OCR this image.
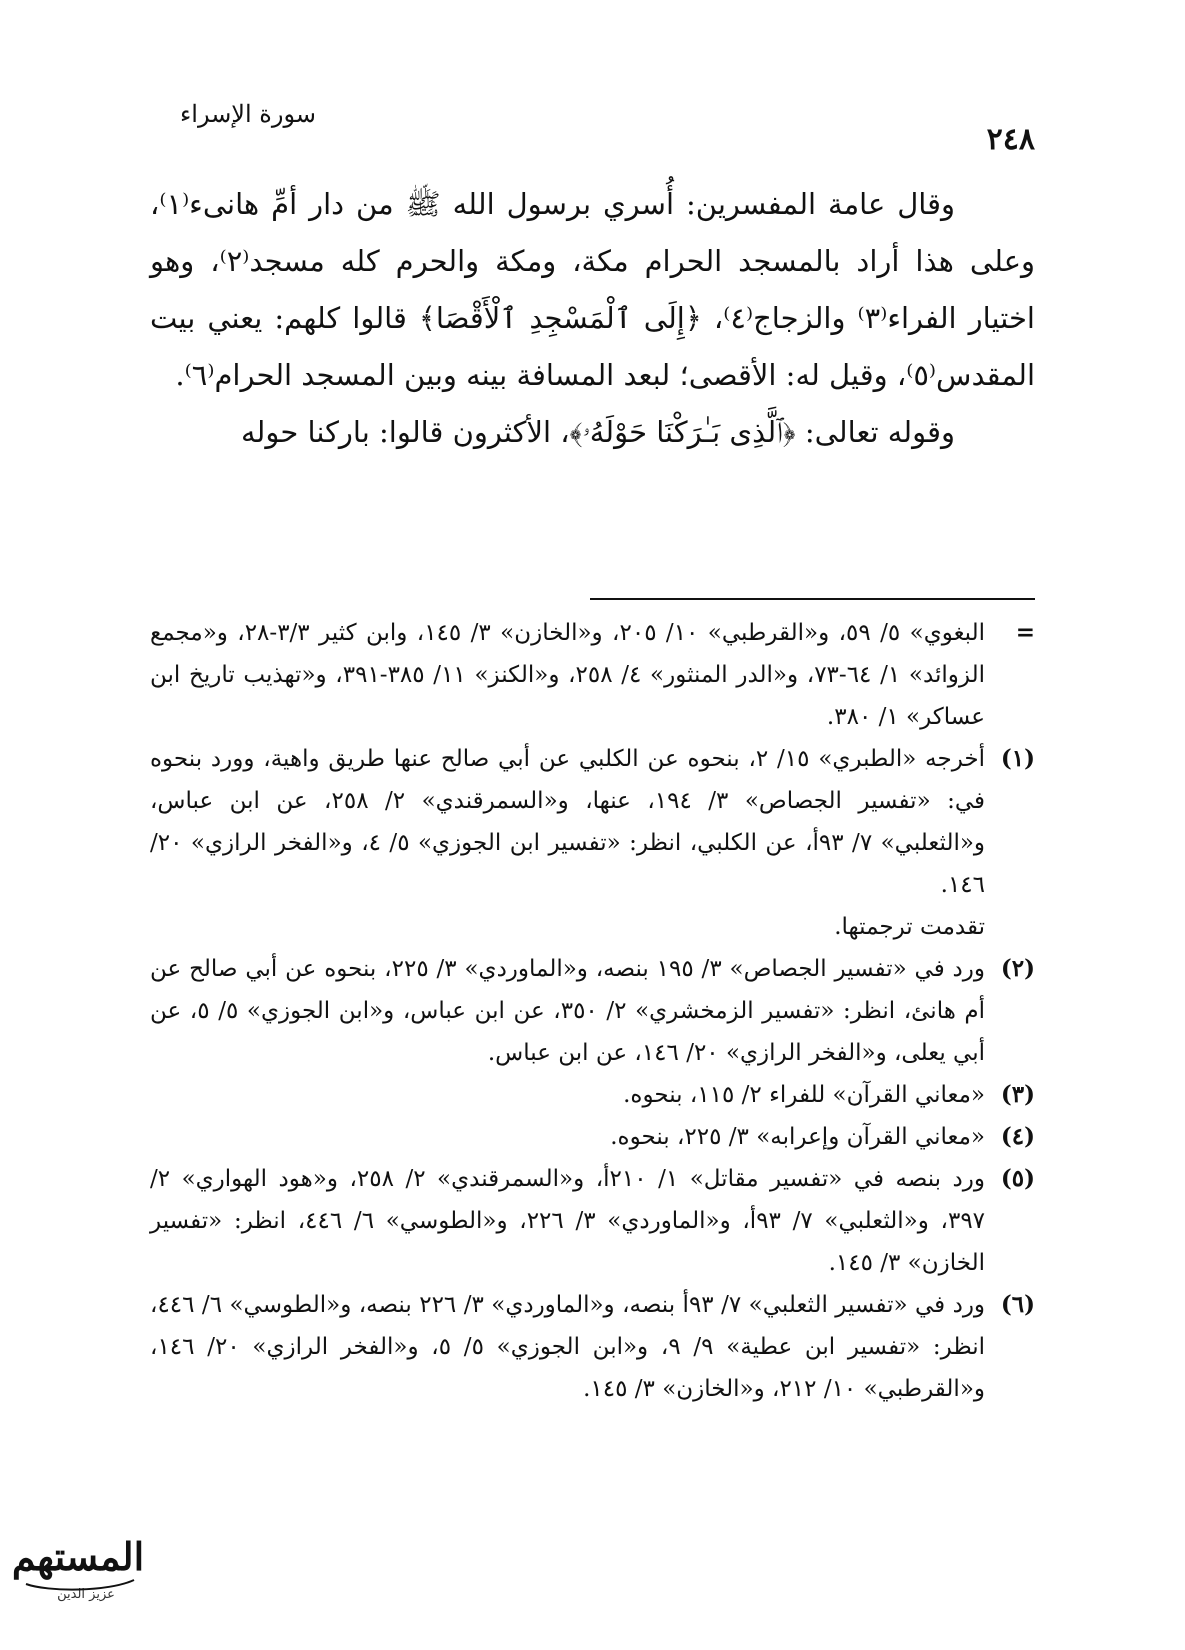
٢٤٨
سورة الإسراء

وقال عامة المفسرين: أُسري برسول الله ﷺ من دار أمِّ هانىء⁽١⁾، وعلى هذا أراد بالمسجد الحرام مكة، ومكة والحرم كله مسجد⁽٢⁾، وهو اختيار الفراء⁽٣⁾ والزجاج⁽٤⁾، ﴿إِلَى ٱلْمَسْجِدِ ٱلْأَقْصَا﴾ قالوا كلهم: يعني بيت المقدس⁽٥⁾، وقيل له: الأقصى؛ لبعد المسافة بينه وبين المسجد الحرام⁽٦⁾.

وقوله تعالى: ﴿ٱلَّذِى بَـٰرَكْنَا حَوْلَهُۥ﴾، الأكثرون قالوا: باركنا حوله

=
البغوي» ٥/ ٥٩، و«القرطبي» ١٠/ ٢٠٥، و«الخازن» ٣/ ١٤٥، وابن كثير ٣/٣-٢٨، و«مجمع الزوائد» ١/ ٦٤-٧٣، و«الدر المنثور» ٤/ ٢٥٨، و«الكنز» ١١/ ٣٨٥-٣٩١، و«تهذيب تاريخ ابن عساكر» ١/ ٣٨٠.
(١)
أخرجه «الطبري» ١٥/ ٢، بنحوه عن الكلبي عن أبي صالح عنها طريق واهية، وورد بنحوه في: «تفسير الجصاص» ٣/ ١٩٤، عنها، و«السمرقندي» ٢/ ٢٥٨، عن ابن عباس، و«الثعلبي» ٧/ ٩٣أ، عن الكلبي، انظر: «تفسير ابن الجوزي» ٥/ ٤، و«الفخر الرازي» ٢٠/ ١٤٦.
تقدمت ترجمتها.
(٢)
ورد في «تفسير الجصاص» ٣/ ١٩٥ بنصه، و«الماوردي» ٣/ ٢٢٥، بنحوه عن أبي صالح عن أم هانئ، انظر: «تفسير الزمخشري» ٢/ ٣٥٠، عن ابن عباس، و«ابن الجوزي» ٥/ ٥، عن أبي يعلى، و«الفخر الرازي» ٢٠/ ١٤٦، عن ابن عباس.
(٣)
«معاني القرآن» للفراء ٢/ ١١٥، بنحوه.
(٤)
«معاني القرآن وإعرابه» ٣/ ٢٢٥، بنحوه.
(٥)
ورد بنصه في «تفسير مقاتل» ١/ ٢١٠أ، و«السمرقندي» ٢/ ٢٥٨، و«هود الهواري» ٢/ ٣٩٧، و«الثعلبي» ٧/ ٩٣أ، و«الماوردي» ٣/ ٢٢٦، و«الطوسي» ٦/ ٤٤٦، انظر: «تفسير الخازن» ٣/ ١٤٥.
(٦)
ورد في «تفسير الثعلبي» ٧/ ٩٣أ بنصه، و«الماوردي» ٣/ ٢٢٦ بنصه، و«الطوسي» ٦/ ٤٤٦، انظر: «تفسير ابن عطية» ٩/ ٩، و«ابن الجوزي» ٥/ ٥، و«الفخر الرازي» ٢٠/ ١٤٦، و«القرطبي» ١٠/ ٢١٢، و«الخازن» ٣/ ١٤٥.
المستهم
عزيز الدين
